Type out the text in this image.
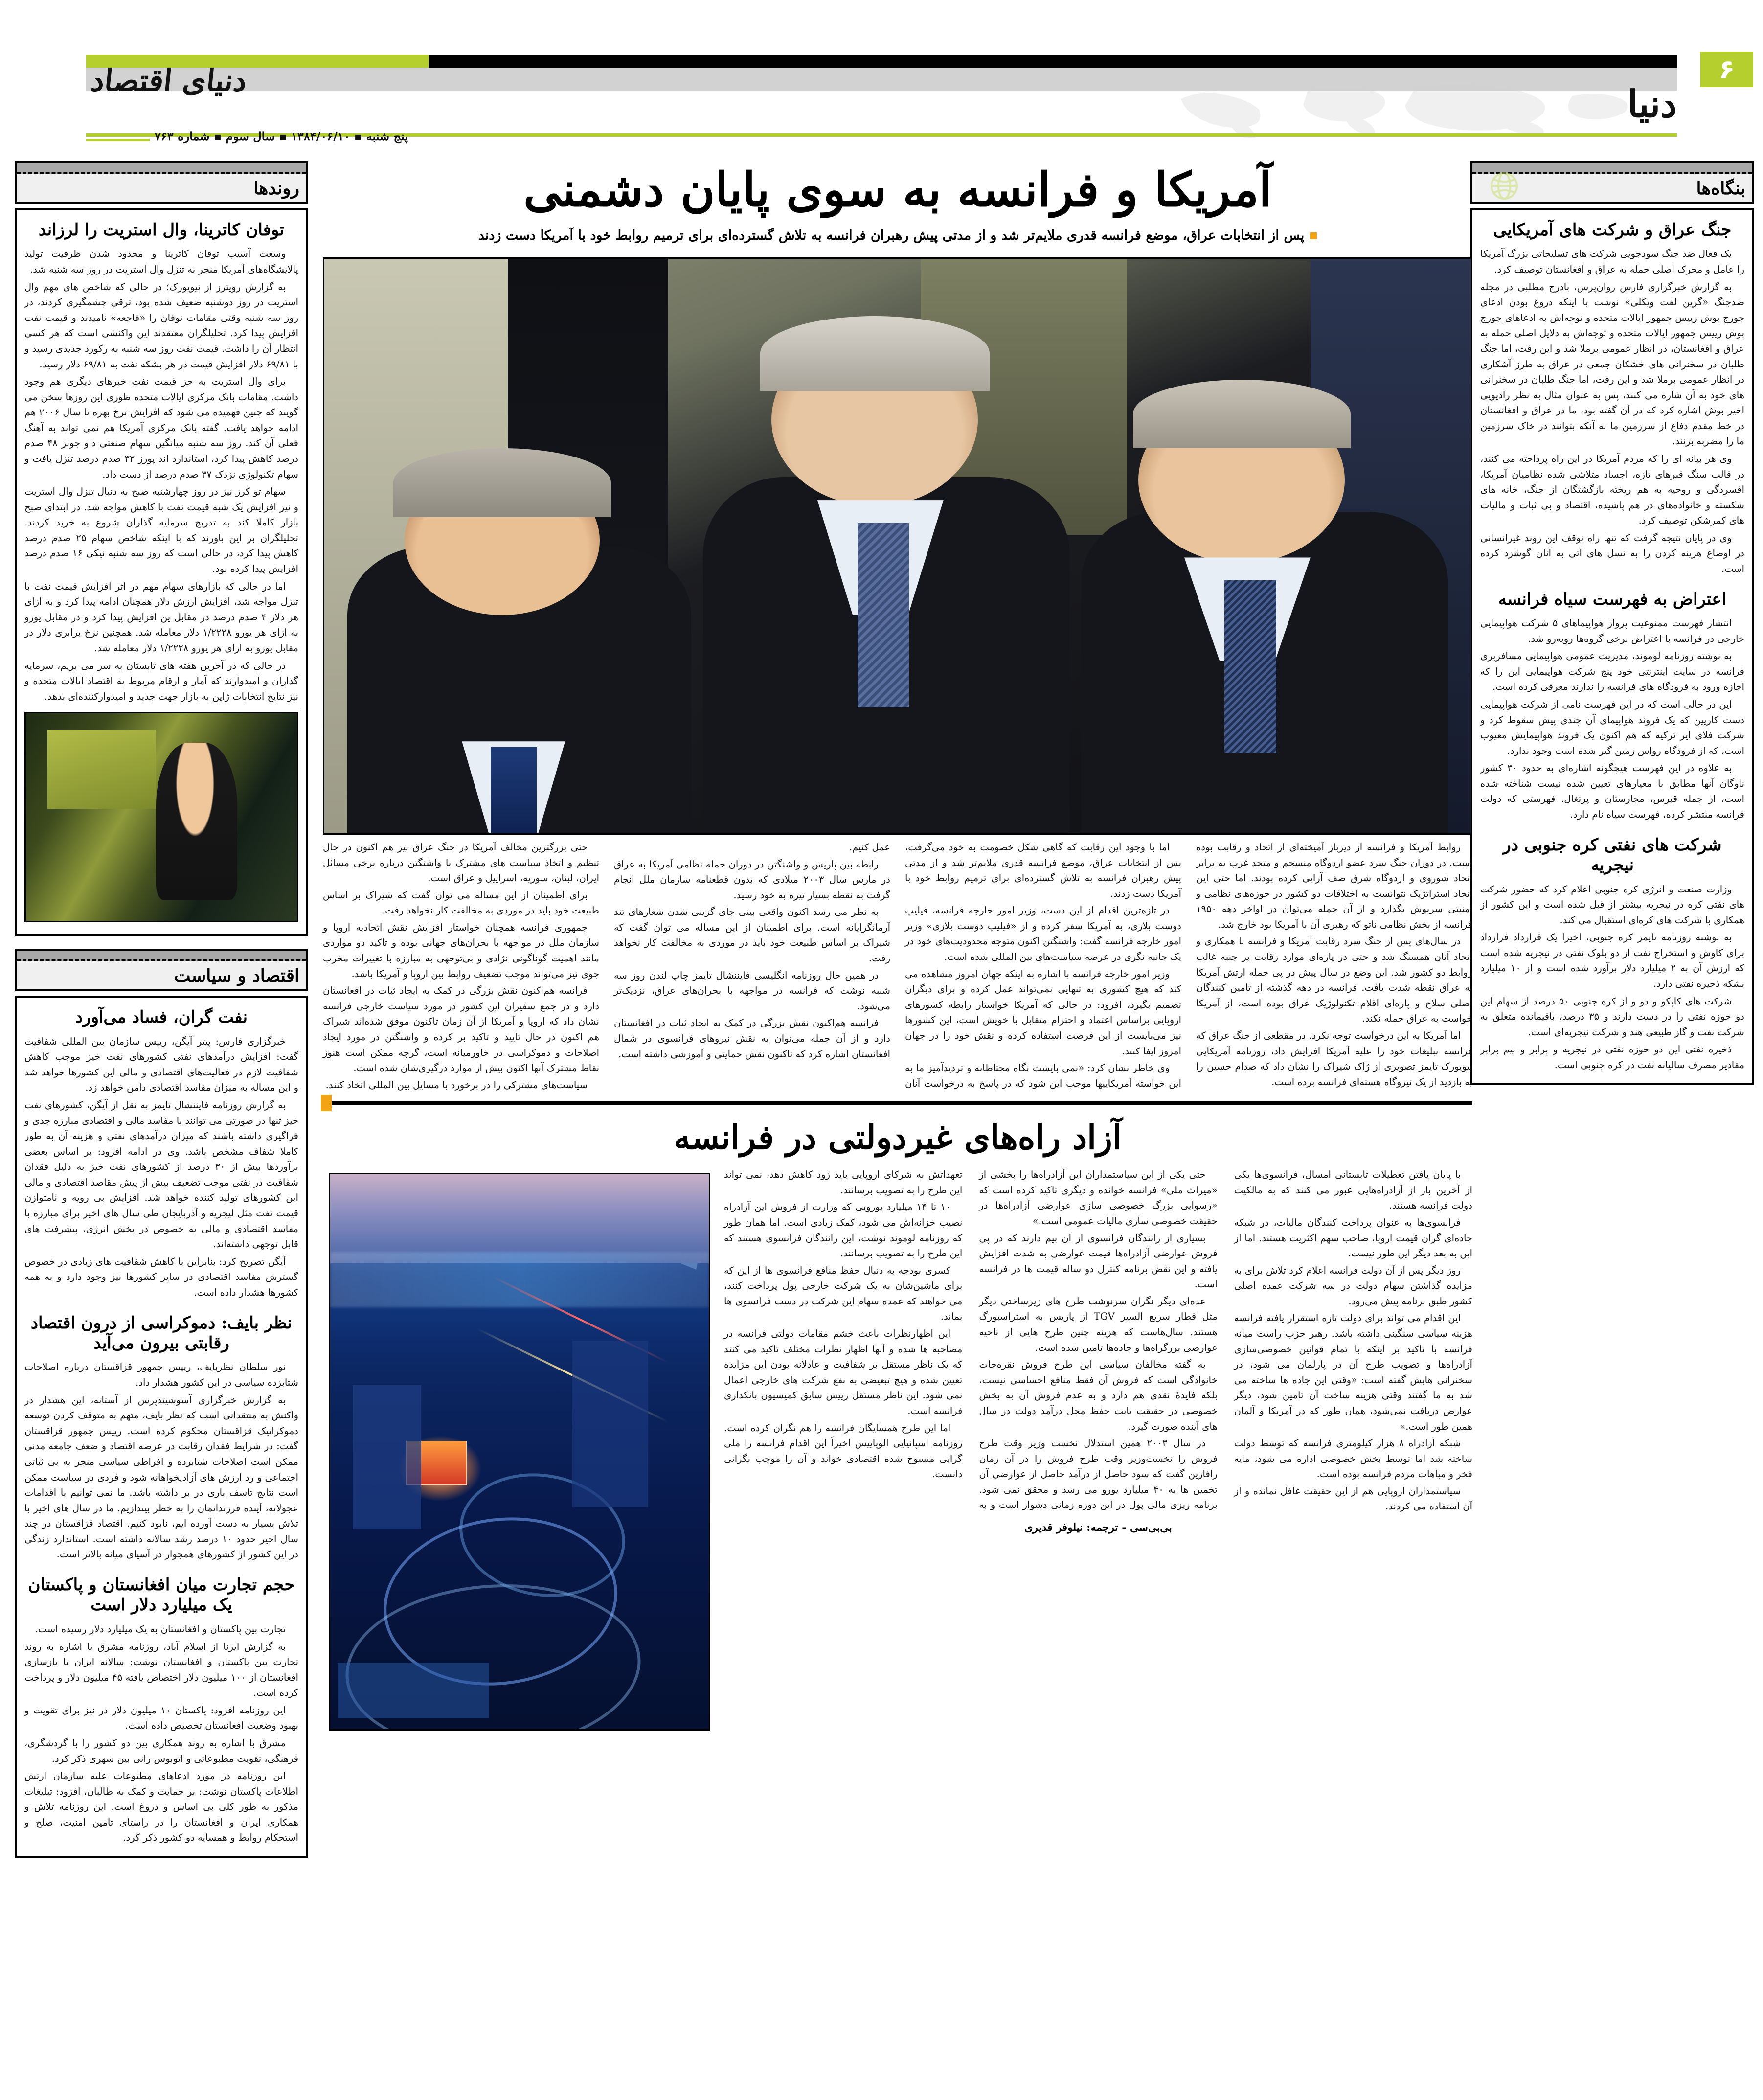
۶
دنیای اقتصاد
دنیا
پنج شنبه ▪ ۱۳۸۴/۰۶/۱۰ ▪ سال سوم ▪ شماره ۷۶۳
روندها
توفان کاترینا، وال استریت را لرزاند

وسعت آسیب توفان کاترینا و محدود شدن ظرفیت تولید پالایشگاه‌های آمریکا منجر به تنزل وال استریت در روز سه شنبه شد.

به گزارش رویترز از نیویورک؛ در حالی که شاخص های مهم وال استریت در روز دوشنبه ضعیف شده بود، ترقی چشمگیری کردند، در روز سه شنبه وقتی مقامات توفان را «فاجعه» نامیدند و قیمت نفت افزایش پیدا کرد. تحلیلگران معتقدند این واکنشی است که هر کسی انتظار آن را داشت. قیمت نفت روز سه شنبه به رکورد جدیدی رسید و با ۶۹/۸۱ دلار افزایش قیمت در هر بشکه نفت به ۶۹/۸۱ دلار رسید.

برای وال استریت به جز قیمت نفت خبرهای دیگری هم وجود داشت. مقامات بانک مرکزی ایالات متحده طوری این روزها سخن می گویند که چنین فهمیده می شود که افزایش نرخ بهره تا سال ۲۰۰۶ هم ادامه خواهد یافت. گفته بانک مرکزی آمریکا هم نمی تواند به آهنگ فعلی آن کند. روز سه شنبه میانگین سهام صنعتی داو جونز ۴۸ صدم درصد کاهش پیدا کرد، استاندارد اند پورز ۳۲ صدم درصد تنزل یافت و سهام تکنولوژی نزدک ۳۷ صدم درصد از دست داد.

سهام تو کرز نیز در روز چهارشنبه صبح به دنبال تنزل وال استریت و نیز افزایش یک شبه قیمت نفت با کاهش مواجه شد. در ابتدای صبح بازار کاملا کند به تدریج سرمایه گذاران شروع به خرید کردند. تحلیلگران بر این باورند که با اینکه شاخص سهام ۲۵ صدم درصد کاهش پیدا کرد، در حالی است که روز سه شنبه نیکی ۱۶ صدم درصد افزایش پیدا کرده بود.

اما در حالی که بازارهای سهام مهم در اثر افزایش قیمت نفت با تنزل مواجه شد، افزایش ارزش دلار همچنان ادامه پیدا کرد و به ازای هر دلار ۴ صدم درصد در مقابل ین افزایش پیدا کرد و در مقابل یورو به ازای هر یورو ۱/۲۲۲۸ دلار معامله شد. همچنین نرخ برابری دلار در مقابل یورو به ازای هر یورو ۱/۲۲۲۸ دلار معامله شد.

در حالی که در آخرین هفته های تابستان به سر می بریم، سرمایه گذاران و امیدوارند که آمار و ارقام مربوط به اقتصاد ایالات متحده و نیز نتایج انتخابات ژاپن به بازار جهت جدید و امیدوارکننده‌ای بدهد.

اقتصاد و سیاست
نفت گران، فساد می‌آورد

خبرگزاری فارس: پیتر آیگن، رییس سازمان بین المللی شفافیت گفت: افزایش درآمدهای نفتی کشورهای نفت خیز موجب کاهش شفافیت لازم در فعالیت‌های اقتصادی و مالی این کشورها خواهد شد و این مساله به میزان مفاسد اقتصادی دامن خواهد زد.

به گزارش روزنامه فایننشال تایمز به نقل از آیگن، کشورهای نفت خیز تنها در صورتی می توانند با مفاسد مالی و اقتصادی مبارزه جدی و فراگیری داشته باشند که میزان درآمدهای نفتی و هزینه آن به طور کاملا شفاف مشخص باشد. وی در ادامه افزود: بر اساس بعضی برآوردها بیش از ۳۰ درصد از کشورهای نفت خیز به دلیل فقدان شفافیت در نفتی موجب تضعیف بیش از پیش مقاصد اقتصادی و مالی این کشورهای تولید کننده خواهد شد. افزایش بی رویه و نامتوازن قیمت نفت مثل لیجریه و آذربایجان طی سال های اخیر برای مبارزه با مفاسد اقتصادی و مالی به خصوص در بخش انرژی، پیشرفت های قابل توجهی داشته‌اند.

آیگن تصریح کرد: بنابراین با کاهش شفافیت های زیادی در خصوص گسترش مفاسد اقتصادی در سایر کشورها نیز وجود دارد و به همه کشورها هشدار داده است.

نظر بایف: دموکراسی از درون اقتصاد رقابتی بیرون می‌آید

نور سلطان نظربایف، رییس جمهور قزاقستان درباره اصلاحات شتابزده سیاسی در این کشور هشدار داد.

به گزارش خبرگزاری آسوشیتدپرس از آستانه، این هشدار در واکنش به منتقدانی است که نظر بایف، متهم به متوقف کردن توسعه دموکراتیک قزاقستان محکوم کرده است. رییس جمهور قزاقستان گفت: در شرایط فقدان رقابت در عرصه اقتصاد و ضعف جامعه مدنی ممکن است اصلاحات شتابزده و افراطی سیاسی منجر به بی ثباتی اجتماعی و رد ارزش های آزادیخواهانه شود و فردی در سیاست ممکن است نتایج تاسف باری در بر داشته باشد. ما نمی توانیم با اقدامات عجولانه، آینده فرزندانمان را به خطر بیندازیم. ما در سال های اخیر با تلاش بسیار به دست آورده ایم، نابود کنیم. اقتصاد قزاقستان در چند سال اخیر حدود ۱۰ درصد رشد سالانه داشته است. استاندارد زندگی در این کشور از کشورهای همجوار در آسیای میانه بالاتر است.

حجم تجارت میان افغانستان و پاکستان یک میلیارد دلار است

تجارت بین پاکستان و افغانستان به یک میلیارد دلار رسیده است.

به گزارش ایرنا از اسلام آباد، روزنامه مشرق با اشاره به روند تجارت بین پاکستان و افغانستان نوشت: سالانه ایران با بازسازی افغانستان از ۱۰۰ میلیون دلار اختصاص یافته ۴۵ میلیون دلار و پرداخت کرده است.

این روزنامه افزود: پاکستان ۱۰ میلیون دلار در نیز برای تقویت و بهبود وضعیت افغانستان تخصیص داده است.

مشرق با اشاره به روند همکاری بین دو کشور را با گردشگری، فرهنگی، تقویت مطبوعاتی و اتوبوس رانی بین شهری ذکر کرد.

این روزنامه در مورد ادعاهای مطبوعات علیه سازمان ارتش اطلاعات پاکستان نوشت: بر حمایت و کمک به طالبان، افزود: تبلیغات مذکور به طور کلی بی اساس و دروغ است. این روزنامه تلاش و همکاری ایران و افغانستان را در راستای تامین امنیت، صلح و استحکام روابط و همسایه دو کشور ذکر کرد.

بنگاه‌ها
جنگ عراق و شرکت های آمریکایی

یک فعال ضد جنگ سودجویی شرکت های تسلیحاتی بزرگ آمریکا را عامل و محرک اصلی حمله به عراق و افغانستان توصیف کرد.

به گزارش خبرگزاری فارس روان‌پرس، بادرج مطلبی در مجله ضدجنگ «گرین لفت ویکلی» نوشت با اینکه دروغ بودن ادعای جورج بوش رییس جمهور ایالات متحده و توجه‌اش به ادعاهای جورج بوش رییس جمهور ایالات متحده و توجه‌اش به دلایل اصلی حمله به عراق و افغانستان، در انظار عمومی برملا شد و این رفت، اما جنگ طلبان در سخنرانی های خشکان جمعی در عراق به طرز آشکاری در انظار عمومی برملا شد و این رفت، اما جنگ طلبان در سخنرانی های خود به آن شاره می کنند، پس به عنوان مثال به نظر رادیویی اخیر بوش اشاره کرد که در آن گفته بود، ما در عراق و افغانستان در خط مقدم دفاع از سرزمین ما به آنکه بتوانند در خاک سرزمین ما را مضربه بزنند.

وی هر بیانه ای را که مردم آمریکا در این راه پرداخته می کنند، در قالب سنگ قبرهای تازه، اجساد متلاشی شده نظامیان آمریکا، افسردگی و روحیه به هم ریخته بازگشتگان از جنگ، خانه های شکسته و خانواده‌های در هم پاشیده، اقتصاد و بی ثبات و مالیات های کمرشکن توصیف کرد.

وی در پایان نتیجه گرفت که تنها راه توقف این روند غیرانسانی در اوضاع هزینه کردن را به نسل های آتی به آنان گوشزد کرده است.

اعتراض به فهرست سیاه فرانسه

انتشار فهرست ممنوعیت پرواز هواپیماهای ۵ شرکت هواپیمایی خارجی در فرانسه با اعتراض برخی گروه‌ها روبه‌رو شد.

به نوشته روزنامه لوموند، مدیریت عمومی هواپیمایی مسافربری فرانسه در سایت اینترنتی خود پنج شرکت هواپیمایی این را که اجازه ورود به فرودگاه های فرانسه را ندارند معرفی کرده است.

این در حالی است که در این فهرست نامی از شرکت هواپیمایی دست کاریین که یک فروند هواپیمای آن چندی پیش سقوط کرد و شرکت فلای ایر ترکیه که هم اکنون یک فروند هواپیمایش معیوب است، که از فرودگاه رواس زمین گیر شده است وجود ندارد.

به علاوه در این فهرست هیچگونه اشاره‌ای به حدود ۳۰ کشور ناوگان آنها مطابق با معیارهای تعیین شده نیست شناخته شده است، از جمله قبرس، مجارستان و پرتغال. فهرستی که دولت فرانسه منتشر کرده، فهرست سیاه نام دارد.

شرکت های نفتی کره جنوبی در نیجریه

وزارت صنعت و انرژی کره جنوبی اعلام کرد که حضور شرکت های نفتی کره در نیجریه بیشتر از قبل شده است و این کشور از همکاری با شرکت های کره‌ای استقبال می کند.

به نوشته روزنامه تایمز کره جنوبی، اخیرا یک قرارداد فرارداد برای کاوش و استخراج نفت از دو بلوک نفتی در نیجریه شده است که ارزش آن به ۲ میلیارد دلار برآورد شده است و از ۱۰ میلیارد بشکه ذخیره نفتی دارد.

شرکت های کاپکو و دو و از کره جنوبی ۵۰ درصد از سهام این دو حوزه نفتی را در دست دارند و ۳۵ درصد، باقیمانده متعلق به شرکت نفت و گاز طبیعی هند و شرکت نیجریه‌ای است.

ذخیره نفتی این دو حوزه نفتی در نیجریه و برابر و نیم برابر مقادیر مصرف سالیانه نفت در کره جنوبی است.

آمریکا و فرانسه به سوی پایان دشمنی
پس از انتخابات عراق، موضع فرانسه قدری ملایم‌تر شد و از مدتی پیش رهبران فرانسه به تلاش گسترده‌ای برای ترمیم روابط خود با آمریکا دست زدند

روابط آمریکا و فرانسه از دیرباز آمیخته‌ای از اتحاد و رقابت بوده است. در دوران جنگ سرد عضو اردوگاه منسجم و متحد غرب به برابر اتحاد شوروی و اردوگاه شرق صف آرایی کرده بودند. اما حتی این اتحاد استراتژیک نتوانست به اختلافات دو کشور در حوزه‌های نظامی و امنیتی سرپوش بگذارد و از آن جمله می‌توان در اواخر دهه ۱۹۵۰ فرانسه از بخش نظامی ناتو که رهبری آن با آمریکا بود خارج شد.

در سال‌های پس از جنگ سرد رقابت آمریکا و فرانسه با همکاری و اتحاد آنان همسنگ شد و حتی در پاره‌ای موارد رقابت بر جنبه غالب روابط دو کشور شد. این وضع در سال پیش در پی حمله ارتش آمریکا به عراق نقطه شدت یافت. فرانسه در دهه گذشته از تامین کنندگان اصلی سلاح و پاره‌ای اقلام تکنولوژیک عراق بوده است، از آمریکا خواست به عراق حمله نکند.

اما آمریکا به این درخواست توجه نکرد. در مقطعی از جنگ عراق که فرانسه تبلیغات خود را علیه آمریکا افزایش داد، روزنامه آمریکایی نیویورک تایمز تصویری از ژاک شیراک را نشان داد که صدام حسین را به بازدید از یک نیروگاه هسته‌ای فرانسه برده است.

اما با وجود این رقابت که گاهی شکل خصومت به خود می‌گرفت، پس از انتخابات عراق، موضع فرانسه قدری ملایم‌تر شد و از مدتی پیش رهبران فرانسه به تلاش گسترده‌ای برای ترمیم روابط خود با آمریکا دست زدند.

در تازه‌ترین اقدام از این دست، وزیر امور خارجه فرانسه، فیلیپ دوست بلازی، به آمریکا سفر کرده و از «فیلیپ دوست بلازی» وزیر امور خارجه فرانسه گفت: واشنگتن اکنون متوجه محدودیت‌های خود در یک جانبه نگری در عرصه سیاست‌های بین المللی شده است.

وزیر امور خارجه فرانسه با اشاره به اینکه جهان امروز مشاهده می کند که هیچ کشوری به تنهایی نمی‌تواند عمل کرده و برای دیگران تصمیم بگیرد، افزود: در حالی که آمریکا خواستار رابطه کشورهای اروپایی براساس اعتماد و احترام متقابل با خویش است، این کشورها نیز می‌بایست از این فرصت استفاده کرده و نقش خود را در جهان امروز ایفا کنند.

وی خاطر نشان کرد: «نمی بایست نگاه محتاطانه و تردیدآمیز ما به این خواسته آمریکاییها موجب این شود که در پاسخ به درخواست آنان عمل کنیم.

رابطه بین پاریس و واشنگتن در دوران حمله نظامی آمریکا به عراق در مارس سال ۲۰۰۳ میلادی که بدون قطعنامه سازمان ملل انجام گرفت به نقطه بسیار تیره به خود رسید.

به نظر می رسد اکنون واقعی بینی جای گزینی شدن شعارهای تند آرمانگرایانه است. برای اطمینان از این مساله می توان گفت که شیراک بر اساس طبیعت خود باید در موردی به مخالفت کار نخواهد رفت.

در همین حال روزنامه انگلیسی فایننشال تایمز چاپ لندن روز سه شنبه نوشت که فرانسه در مواجهه با بحران‌های عراق، نزدیک‌تر می‌شود.

فرانسه هم‌اکنون نقش بزرگی در کمک به ایجاد ثبات در افغانستان دارد و از آن جمله می‌توان به نقش نیروهای فرانسوی در شمال افغانستان اشاره کرد که تاکنون نقش حمایتی و آموزشی داشته است.

حتی بزرگترین مخالف آمریکا در جنگ عراق نیز هم اکنون در حال تنظیم و اتخاذ سیاست های مشترک با واشنگتن درباره برخی مسائل ایران، لبنان، سوریه، اسراییل و عراق است.

برای اطمینان از این مساله می توان گفت که شیراک بر اساس طبیعت خود باید در موردی به مخالفت کار نخواهد رفت.

جمهوری فرانسه همچنان خواستار افزایش نقش اتحادیه اروپا و سازمان ملل در مواجهه با بحران‌های جهانی بوده و تاکید دو مواردی مانند اهمیت گوناگونی نژادی و بی‌توجهی به مبارزه با تغییرات مخرب جوی نیز می‌تواند موجب تضعیف روابط بین اروپا و آمریکا باشد.

فرانسه هم‌اکنون نقش بزرگی در کمک به ایجاد ثبات در افغانستان دارد و در جمع سفیران این کشور در مورد سیاست خارجی فرانسه نشان داد که اروپا و آمریکا از آن زمان تاکنون موفق شده‌اند شیراک هم اکنون در حال تایید و تاکید بر کرده و واشنگتن در مورد ایجاد اصلاحات و دموکراسی در خاورمیانه است، گرچه ممکن است هنوز نقاط مشترک آنها اکنون بیش از موارد درگیری‌شان شده است.

سیاست‌های مشترکی را در برخورد با مسایل بین المللی اتخاذ کنند.

آزاد راه‌های غیردولتی در فرانسه

با پایان یافتن تعطیلات تابستانی امسال، فرانسوی‌ها یکی از آخرین بار از آزادراه‌هایی عبور می کنند که به مالکیت دولت فرانسه هستند.

فرانسوی‌ها به عنوان پرداخت کنندگان مالیات، در شبکه جاده‌ای گران قیمت اروپا، صاحب سهم اکثریت هستند. اما از این به بعد دیگر این طور نیست.

روز دیگر پس از آن دولت فرانسه اعلام کرد تلاش برای به مزایده گذاشتن سهام دولت در سه شرکت عمده اصلی کشور طبق برنامه پیش می‌رود.

این اقدام می تواند برای دولت تازه استقرار یافته فرانسه هزینه سیاسی سنگینی داشته باشد. رهبر حزب راست میانه فرانسه با تاکید بر اینکه با تمام قوانین خصوصی‌سازی آزادراه‌ها و تصویب طرح آن در پارلمان می شود، در سخنرانی هایش گفته است: «وقتی این جاده ها ساخته می شد به ما گفتند وقتی هزینه ساخت آن تامین شود، دیگر عوارض دریافت نمی‌شود، همان طور که در آمریکا و آلمان همین طور است.»

شبکه آزادراه ۸ هزار کیلومتری فرانسه که توسط دولت ساخته شد اما توسط بخش خصوصی اداره می شود، مایه فخر و مباهات مردم فرانسه بوده است.

سیاستمداران اروپایی هم از این حقیقت غافل نمانده و از آن استفاده می کردند.

حتی یکی از این سیاستمداران این آزادراه‌ها را بخشی از «میراث ملی» فرانسه خوانده و دیگری تاکید کرده است که «رسوایی بزرگ خصوصی سازی عوارضی آزادراه‌ها در حقیقت خصوصی سازی مالیات عمومی است.»

بسیاری از رانندگان فرانسوی از آن بیم دارند که در پی فروش عوارضی آزادراه‌ها قیمت عوارضی به شدت افزایش یافته و این نقض برنامه کنترل دو ساله قیمت ها در فرانسه است.

عده‌ای دیگر نگران سرنوشت طرح های زیرساختی دیگر مثل قطار سریع السیر TGV از پاریس به استراسبورگ هستند. سال‌هاست که هزینه چنین طرح هایی از ناحیه عوارضی بزرگراه‌ها و جاده‌ها تامین شده است.

به گفته مخالفان سیاسی این طرح فروش نقره‌جات خانوادگی است که فروش آن فقط منافع احساسی نیست، بلکه فایدهٔ نقدی هم دارد و به عدم فروش آن به بخش خصوصی در حقیقت بابت حفظ محل درآمد دولت در سال های آینده صورت گیرد.

در سال ۲۰۰۳ همین استدلال نخست وزیر وقت طرح فروش را نخست‌وزیر وقت طرح فروش را در آن زمان رافارین گفت که سود حاصل از درآمد حاصل از عوارضی آن تخمین ها به ۴۰ میلیارد یورو می رسد و محقق نمی شود. برنامه ریزی مالی پول در این دوره زمانی دشوار است و به تعهداتش به شرکای اروپایی باید زود کاهش دهد، نمی تواند این طرح را به تصویب برسانند.

۱۰ تا ۱۴ میلیارد یورویی که وزارت از فروش این آزادراه نصیب خزانه‌اش می شود، کمک زیادی است. اما همان طور که روزنامه لوموند نوشت، این رانندگان فرانسوی هستند که این طرح را به تصویب برسانند.

کسری بودجه به دنبال حفظ منافع فرانسوی ها از این که برای ماشین‌شان به یک شرکت خارجی پول پرداخت کنند، می خواهند که عمده سهام این شرکت در دست فرانسوی ها بماند.

این اظهارنظرات باعث خشم مقامات دولتی فرانسه در مصاحبه ها شده و آنها اظهار نظرات مختلف تاکید می کنند که یک ناظر مستقل بر شفافیت و عادلانه بودن این مزایده تعیین شده و هیچ تبعیضی به نفع شرکت های خارجی اعمال نمی شود. این ناظر مستقل رییس سابق کمیسیون بانکداری فرانسه است.

اما این طرح همسایگان فرانسه را هم نگران کرده است. روزنامه اسپانیایی الوپاییس اخیراً این اقدام فرانسه را ملی گرایی منسوخ شده اقتصادی خواند و آن را موجب نگرانی دانست.

بی‌بی‌سی - ترجمه: نیلوفر قدیری
